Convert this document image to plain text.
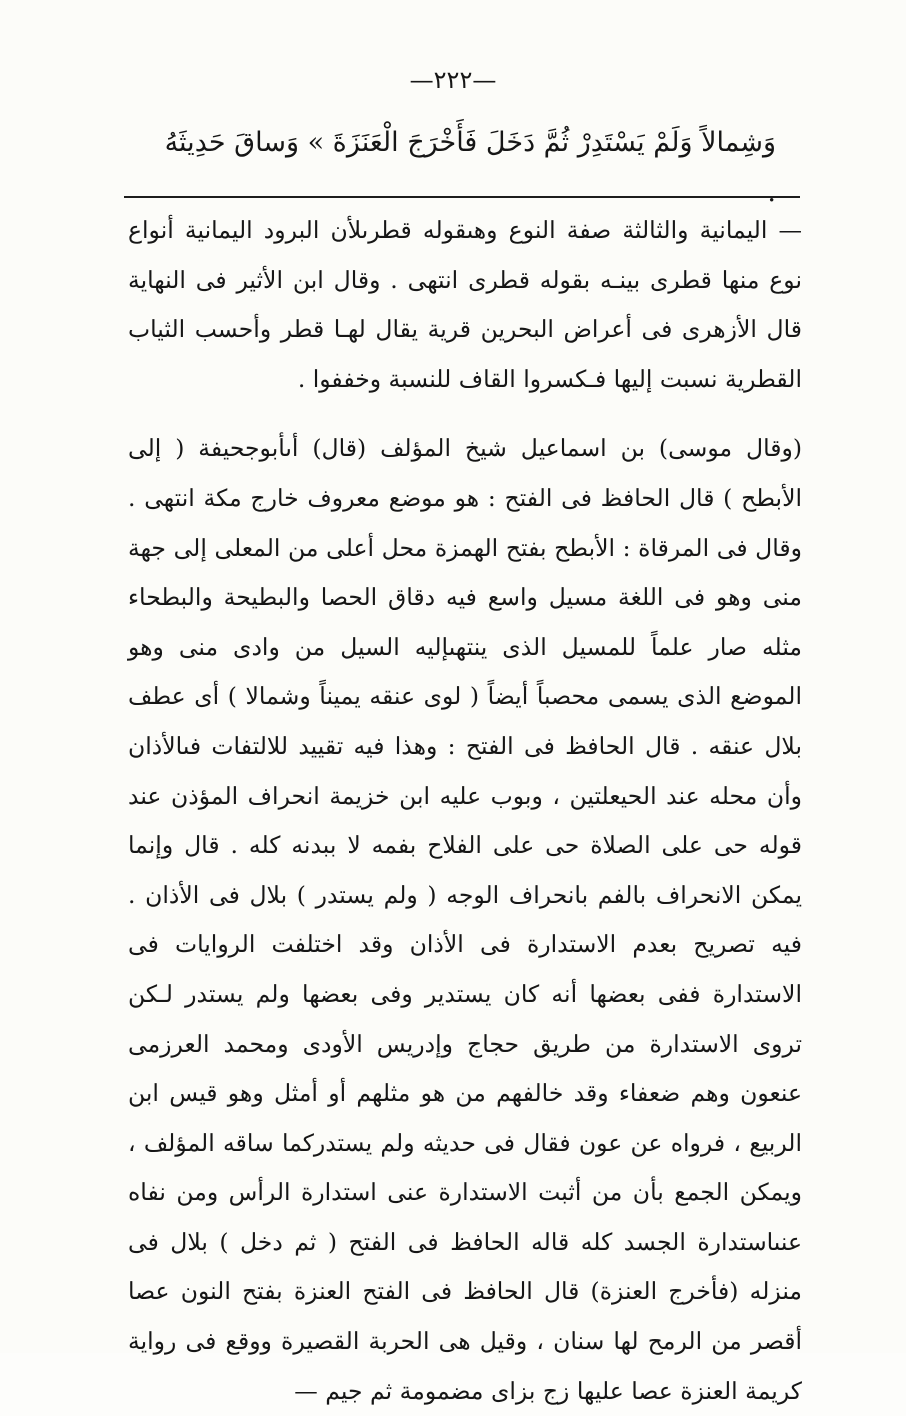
—٢٢٢—
وَشِمالاً وَلَمْ يَسْتَدِرْ ثُمَّ دَخَلَ فَأَخْرَجَ الْعَنَزَةَ » وَساقَ حَدِيثَهُ .

— اليمانية والثالثة صفة النوع وهىقوله قطرىلأن البرود اليمانية أنواع نوع منها قطرى بينـه بقوله قطرى انتهى . وقال ابن الأثير فى النهاية قال الأزهرى فى أعراض البحرين قرية يقال لهـا قطر وأحسب الثياب القطرية نسبت إليها فـكسروا القاف للنسبة وخففوا .

(وقال موسى) بن اسماعيل شيخ المؤلف (قال) أىأبوجحيفة ( إلى الأبطح ) قال الحافظ فى الفتح : هو موضع معروف خارج مكة انتهى . وقال فى المرقاة : الأبطح بفتح الهمزة محل أعلى من المعلى إلى جهة منى وهو فى اللغة مسيل واسع فيه دقاق الحصا والبطيحة والبطحاء مثله صار علماً للمسيل الذى ينتهىإليه السيل من وادى منى وهو الموضع الذى يسمى محصباً أيضاً ( لوى عنقه يميناً وشمالا ) أى عطف بلال عنقه . قال الحافظ فى الفتح : وهذا فيه تقييد للالتفات فىالأذان وأن محله عند الحيعلتين ، وبوب عليه ابن خزيمة انحراف المؤذن عند قوله حى على الصلاة حى على الفلاح بفمه لا ببدنه كله . قال وإنما يمكن الانحراف بالفم بانحراف الوجه ( ولم يستدر ) بلال فى الأذان . فيه تصريح بعدم الاستدارة فى الأذان وقد اختلفت الروايات فى الاستدارة ففى بعضها أنه كان يستدير وفى بعضها ولم يستدر لـكن تروى الاستدارة من طريق حجاج وإدريس الأودى ومحمد العرزمى عنعون وهم ضعفاء وقد خالفهم من هو مثلهم أو أمثل وهو قيس ابن الربيع ، فرواه عن عون فقال فى حديثه ولم يستدركما ساقه المؤلف ، ويمكن الجمع بأن من أثبت الاستدارة عنى استدارة الرأس ومن نفاه عنىاستدارة الجسد كله قاله الحافظ فى الفتح ( ثم دخل ) بلال فى منزله (فأخرج العنزة) قال الحافظ فى الفتح العنزة بفتح النون عصا أقصر من الرمح لها سنان ، وقيل هى الحربة القصيرة ووقع فى رواية كريمة العنزة عصا عليها زج بزاى مضمومة ثم جيم —
